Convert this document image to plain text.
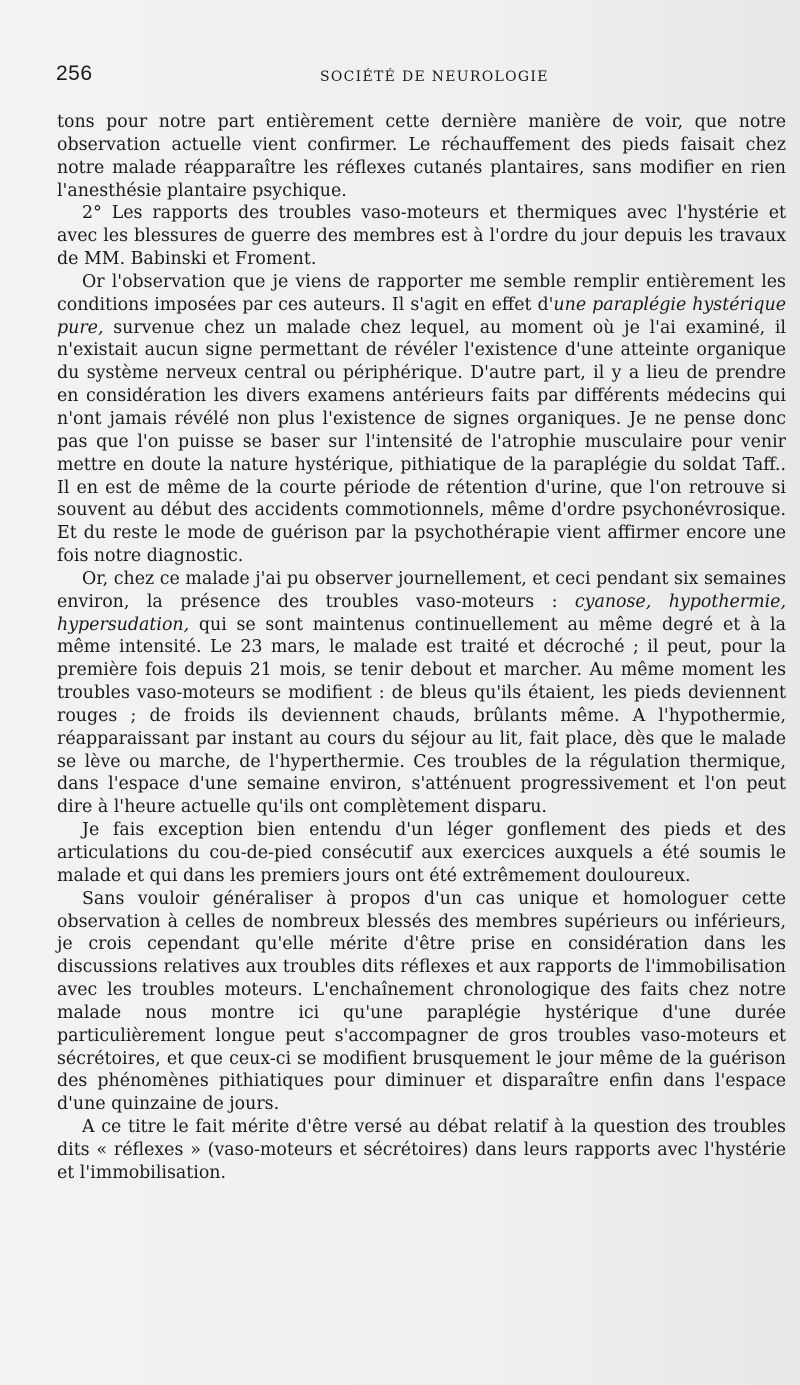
256	SOCIÉTÉ DE NEUROLOGIE

tons pour notre part entièrement cette dernière manière de voir, que notre observation actuelle vient confirmer. Le réchauffement des pieds faisait chez notre malade réapparaître les réflexes cutanés plantaires, sans modifier en rien l'anesthésie plantaire psychique.

2° Les rapports des troubles vaso-moteurs et thermiques avec l'hystérie et avec les blessures de guerre des membres est à l'ordre du jour depuis les travaux de MM. Babinski et Froment.

Or l'observation que je viens de rapporter me semble remplir entièrement les conditions imposées par ces auteurs. Il s'agit en effet d'une paraplégie hystérique pure, survenue chez un malade chez lequel, au moment où je l'ai examiné, il n'existait aucun signe permettant de révéler l'existence d'une atteinte organique du système nerveux central ou périphérique. D'autre part, il y a lieu de prendre en considération les divers examens antérieurs faits par différents médecins qui n'ont jamais révélé non plus l'existence de signes organiques. Je ne pense donc pas que l'on puisse se baser sur l'intensité de l'atrophie musculaire pour venir mettre en doute la nature hystérique, pithiatique de la paraplégie du soldat Taff.. Il en est de même de la courte période de rétention d'urine, que l'on retrouve si souvent au début des accidents commotionnels, même d'ordre psychonévrosique. Et du reste le mode de guérison par la psychothérapie vient affirmer encore une fois notre diagnostic.

Or, chez ce malade j'ai pu observer journellement, et ceci pendant six semaines environ, la présence des troubles vaso-moteurs : cyanose, hypothermie, hypersudation, qui se sont maintenus continuellement au même degré et à la même intensité. Le 23 mars, le malade est traité et décroché ; il peut, pour la première fois depuis 21 mois, se tenir debout et marcher. Au même moment les troubles vaso-moteurs se modifient : de bleus qu'ils étaient, les pieds deviennent rouges ; de froids ils deviennent chauds, brûlants même. A l'hypothermie, réapparaissant par instant au cours du séjour au lit, fait place, dès que le malade se lève ou marche, de l'hyperthermie. Ces troubles de la régulation thermique, dans l'espace d'une semaine environ, s'atténuent progressivement et l'on peut dire à l'heure actuelle qu'ils ont complètement disparu.

Je fais exception bien entendu d'un léger gonflement des pieds et des articulations du cou-de-pied consécutif aux exercices auxquels a été soumis le malade et qui dans les premiers jours ont été extrêmement douloureux.

Sans vouloir généraliser à propos d'un cas unique et homologuer cette observation à celles de nombreux blessés des membres supérieurs ou inférieurs, je crois cependant qu'elle mérite d'être prise en considération dans les discussions relatives aux troubles dits réflexes et aux rapports de l'immobilisation avec les troubles moteurs. L'enchaînement chronologique des faits chez notre malade nous montre ici qu'une paraplégie hystérique d'une durée particulièrement longue peut s'accompagner de gros troubles vaso-moteurs et sécrétoires, et que ceux-ci se modifient brusquement le jour même de la guérison des phénomènes pithiatiques pour diminuer et disparaître enfin dans l'espace d'une quinzaine de jours.

A ce titre le fait mérite d'être versé au débat relatif à la question des troubles dits « réflexes » (vaso-moteurs et sécrétoires) dans leurs rapports avec l'hystérie et l'immobilisation.
